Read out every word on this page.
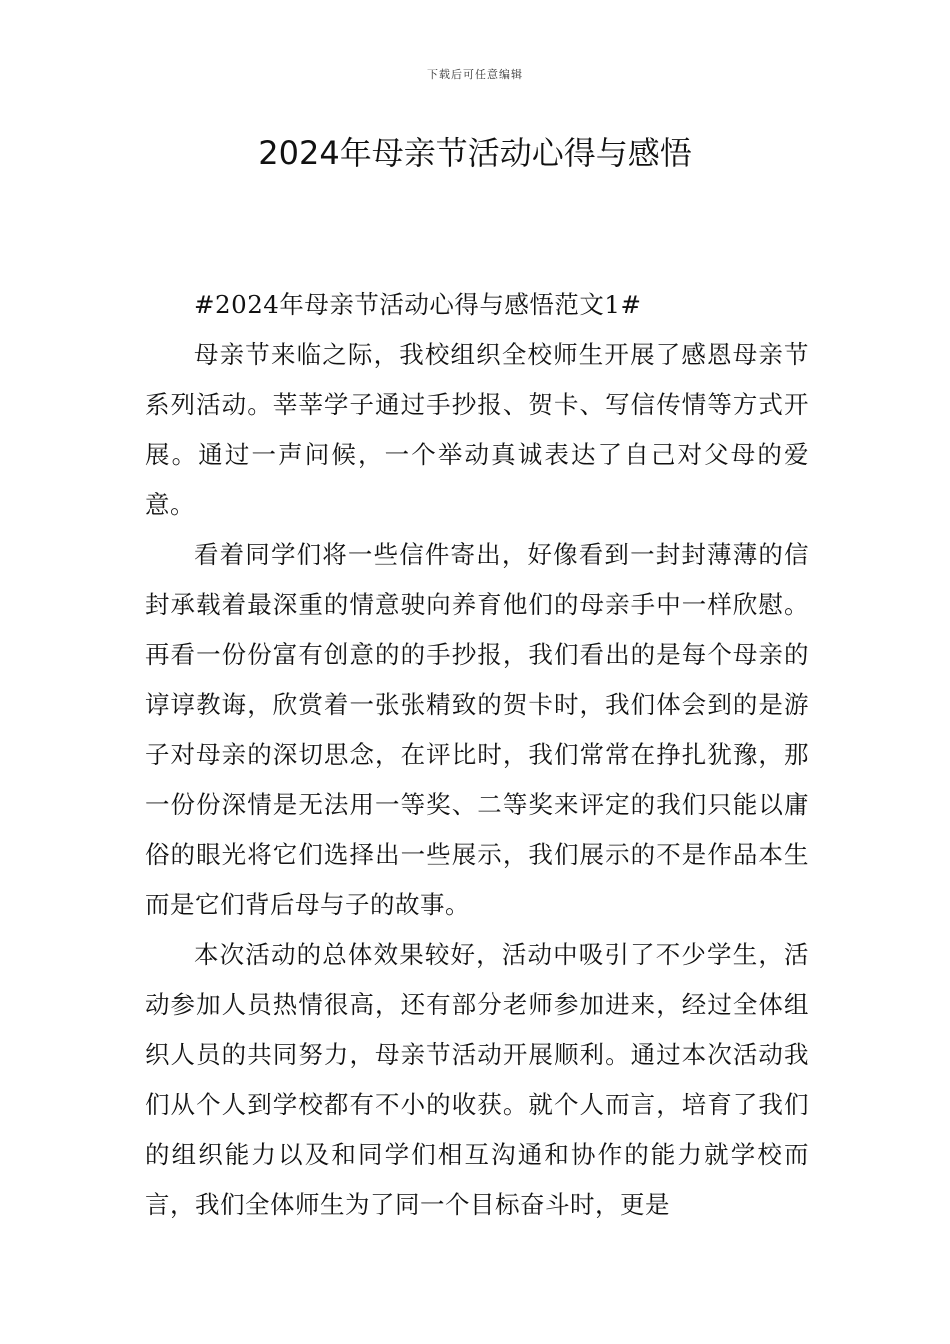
下载后可任意编辑
2024年母亲节活动心得与感悟

#2024年母亲节活动心得与感悟范文1#

母亲节来临之际，我校组织全校师生开展了感恩母亲节系列活动。莘莘学子通过手抄报、贺卡、写信传情等方式开展。通过一声问候，一个举动真诚表达了自己对父母的爱意。

看着同学们将一些信件寄出，好像看到一封封薄薄的信封承载着最深重的情意驶向养育他们的母亲手中一样欣慰。再看一份份富有创意的的手抄报，我们看出的是每个母亲的谆谆教诲，欣赏着一张张精致的贺卡时，我们体会到的是游子对母亲的深切思念，在评比时，我们常常在挣扎犹豫，那一份份深情是无法用一等奖、二等奖来评定的我们只能以庸俗的眼光将它们选择出一些展示，我们展示的不是作品本生而是它们背后母与子的故事。

本次活动的总体效果较好，活动中吸引了不少学生，活动参加人员热情很高，还有部分老师参加进来，经过全体组织人员的共同努力，母亲节活动开展顺利。通过本次活动我们从个人到学校都有不小的收获。就个人而言，培育了我们的组织能力以及和同学们相互沟通和协作的能力就学校而言，我们全体师生为了同一个目标奋斗时，更是
